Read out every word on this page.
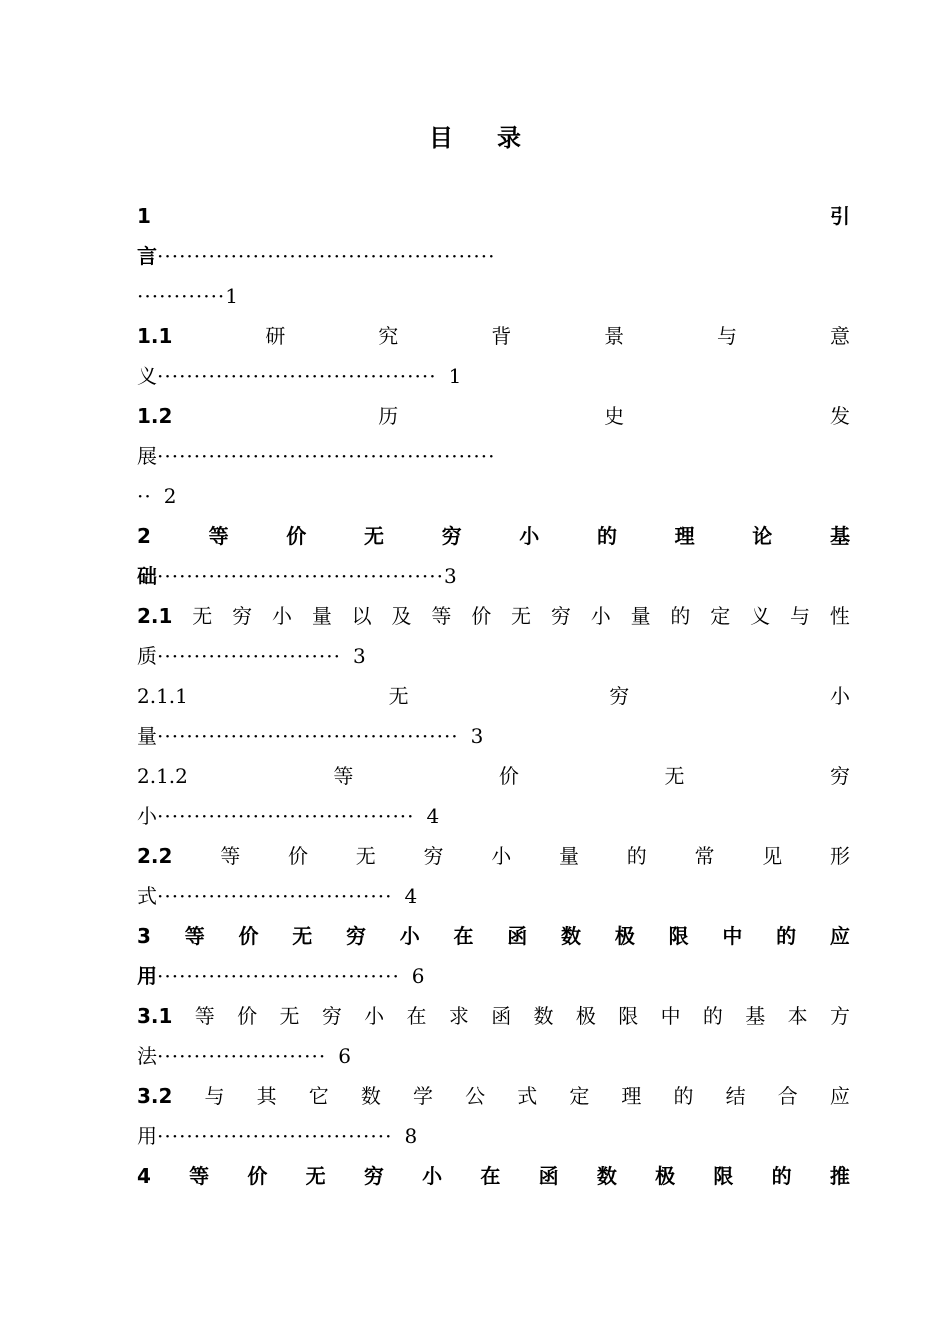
目 录
1	引
言 ··············································
············ 1
1.1	研	究	背	景	与	意
义 ······································ 1
1.2	历	史	发
展 ··············································
·· 2
2	等	价	无	穷	小	的	理	论	基
础 ······································· 3
2.1 无 穷 小 量 以 及 等 价 无 穷 小 量 的 定 义 与 性
质 ························· 3
2.1.1	无	穷	小
量 ········································· 3
2.1.2	等	价	无	穷
小 ··································· 4
2.2 等 价 无 穷 小 量 的 常 见 形
式 ································ 4
3 等 价 无 穷 小 在 函 数 极 限 中 的 应
用 ································· 6
3.1 等 价 无 穷 小 在 求 函 数 极 限 中 的 基 本 方
法 ······················· 6
3.2 与 其 它 数 学 公 式 定 理 的 结 合 应
用 ································ 8
4 等 价 无 穷 小 在 函 数 极 限 的 推
